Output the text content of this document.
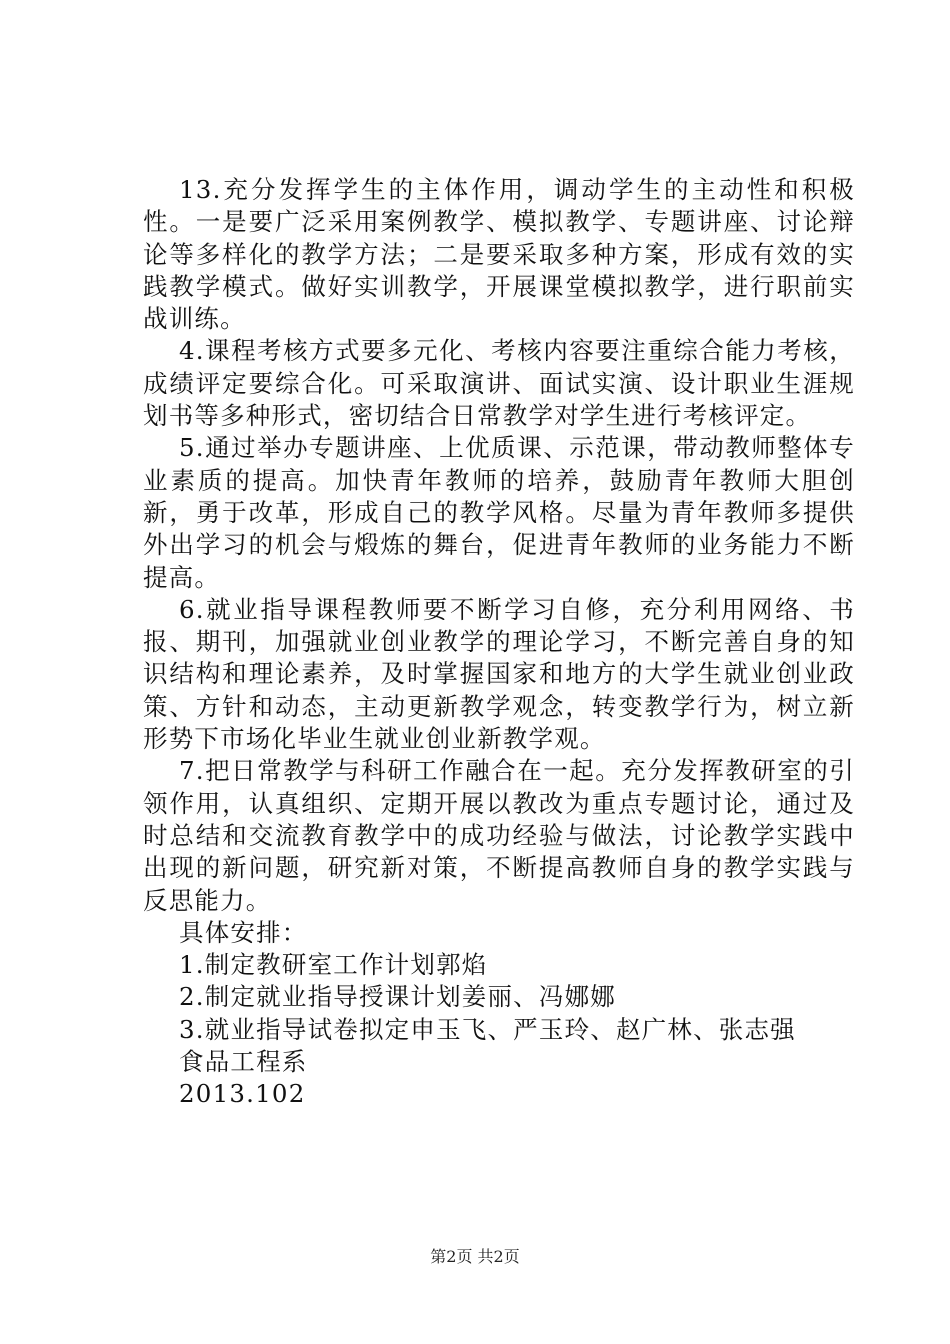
13.充分发挥学生的主体作用，调动学生的主动性和积极性。一是要广泛采用案例教学、模拟教学、专题讲座、讨论辩论等多样化的教学方法；二是要采取多种方案，形成有效的实践教学模式。做好实训教学，开展课堂模拟教学，进行职前实战训练。

4.课程考核方式要多元化、考核内容要注重综合能力考核，成绩评定要综合化。可采取演讲、面试实演、设计职业生涯规划书等多种形式，密切结合日常教学对学生进行考核评定。

5.通过举办专题讲座、上优质课、示范课，带动教师整体专业素质的提高。加快青年教师的培养，鼓励青年教师大胆创新，勇于改革，形成自己的教学风格。尽量为青年教师多提供外出学习的机会与煅炼的舞台，促进青年教师的业务能力不断提高。

6.就业指导课程教师要不断学习自修，充分利用网络、书报、期刊，加强就业创业教学的理论学习，不断完善自身的知识结构和理论素养，及时掌握国家和地方的大学生就业创业政策、方针和动态，主动更新教学观念，转变教学行为，树立新形势下市场化毕业生就业创业新教学观。

7.把日常教学与科研工作融合在一起。充分发挥教研室的引领作用，认真组织、定期开展以教改为重点专题讨论，通过及时总结和交流教育教学中的成功经验与做法，讨论教学实践中出现的新问题，研究新对策，不断提高教师自身的教学实践与反思能力。

具体安排：

1.制定教研室工作计划郭焰

2.制定就业指导授课计划姜丽、冯娜娜

3.就业指导试卷拟定申玉飞、严玉玲、赵广林、张志强

食品工程系

2013.102

第2页 共2页
